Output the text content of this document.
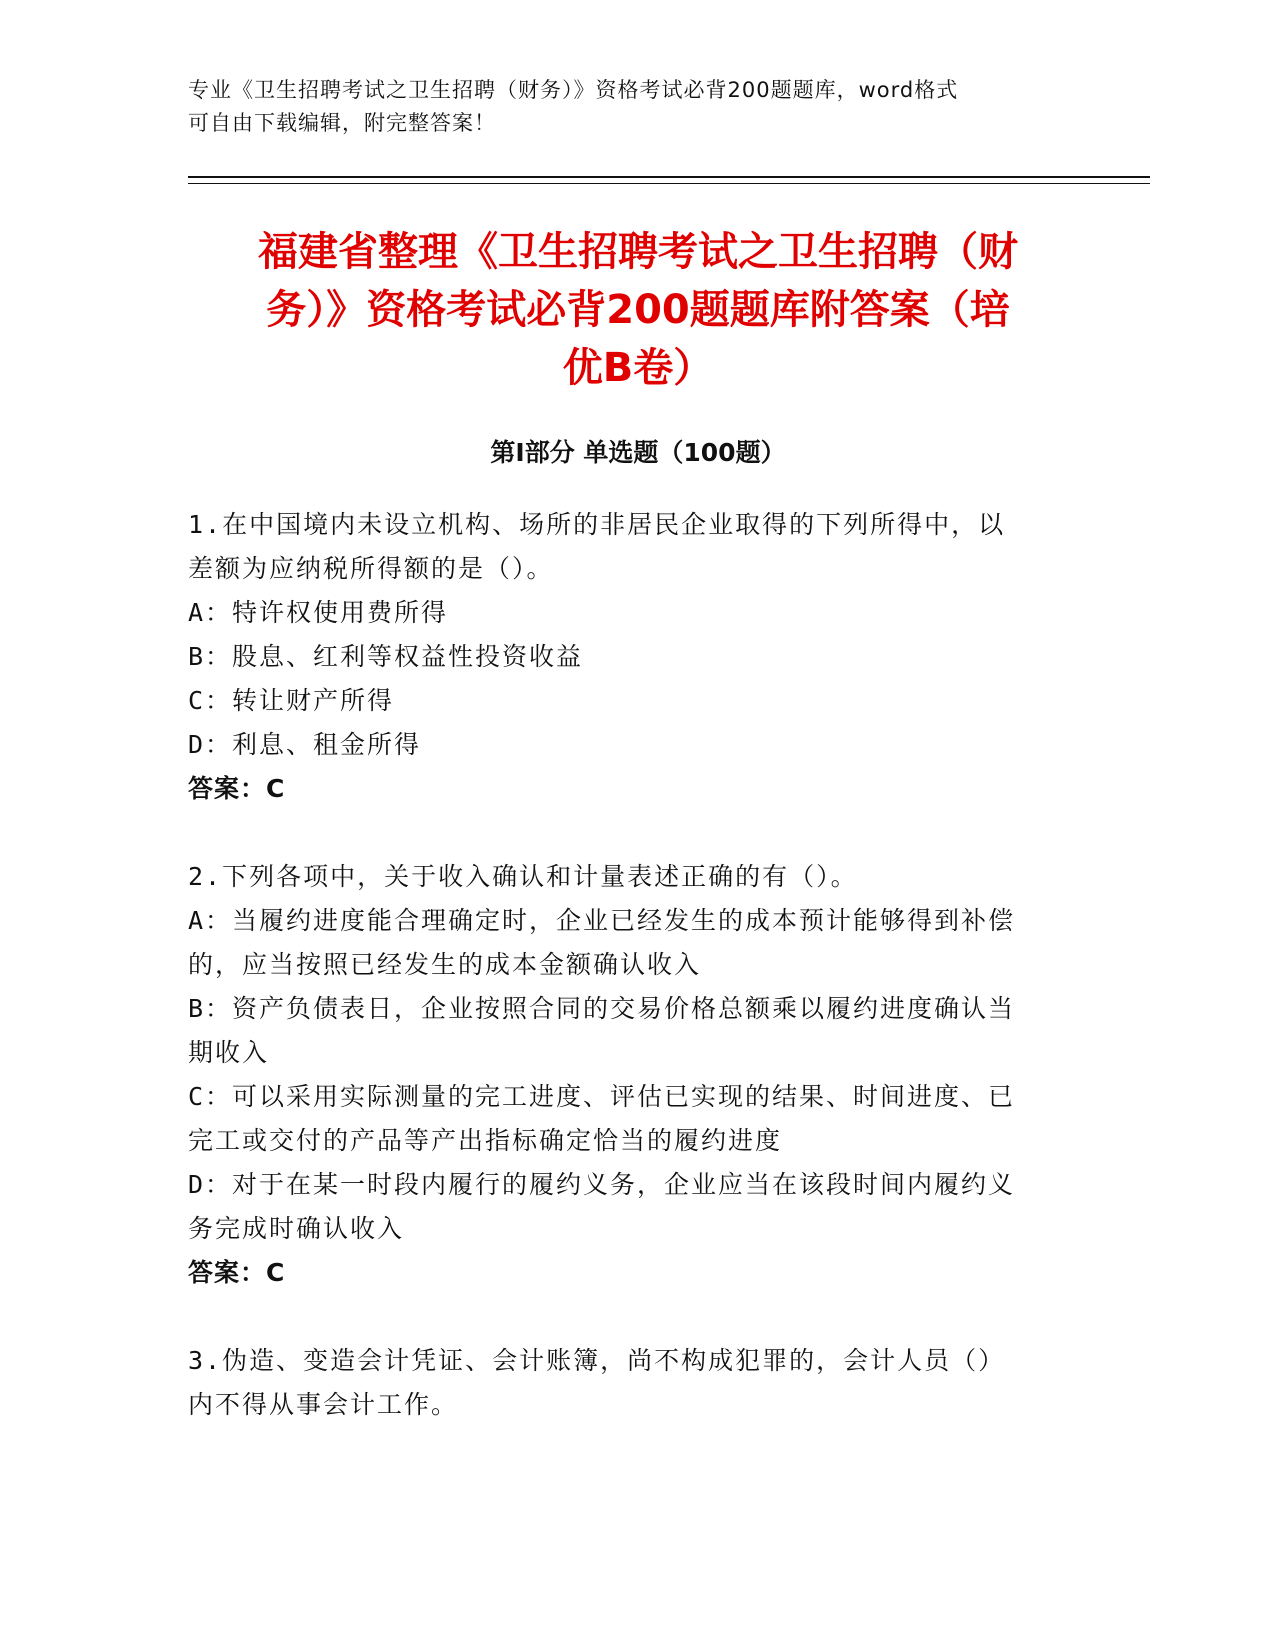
专业《卫生招聘考试之卫生招聘（财务）》资格考试必背200题题库，word格式
可自由下载编辑，附完整答案！
福建省整理《卫生招聘考试之卫生招聘（财
务）》资格考试必背200题题库附答案（培
优B卷）
第Ⅰ部分 单选题（100题）
1.在中国境内未设立机构、场所的非居民企业取得的下列所得中，以
差额为应纳税所得额的是（）。
A：特许权使用费所得
B：股息、红利等权益性投资收益
C：转让财产所得
D：利息、租金所得
答案：C
2.下列各项中，关于收入确认和计量表述正确的有（）。
A：当履约进度能合理确定时，企业已经发生的成本预计能够得到补偿
的，应当按照已经发生的成本金额确认收入
B：资产负债表日，企业按照合同的交易价格总额乘以履约进度确认当
期收入
C：可以采用实际测量的完工进度、评估已实现的结果、时间进度、已
完工或交付的产品等产出指标确定恰当的履约进度
D：对于在某一时段内履行的履约义务，企业应当在该段时间内履约义
务完成时确认收入
答案：C
3.伪造、变造会计凭证、会计账簿，尚不构成犯罪的，会计人员（）
内不得从事会计工作。
